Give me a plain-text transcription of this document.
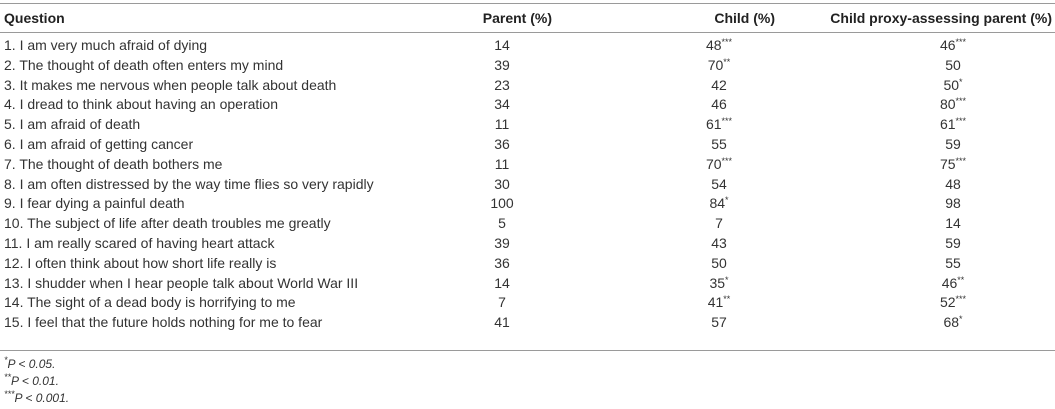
Question	Parent (%)	Child (%)	Child proxy-assessing parent (%)
1. I am very much afraid of dying	14	48***	46***
2. The thought of death often enters my mind	39	70**	50
3. It makes me nervous when people talk about death	23	42	50*
4. I dread to think about having an operation	34	46	80***
5. I am afraid of death	11	61***	61***
6. I am afraid of getting cancer	36	55	59
7. The thought of death bothers me	11	70***	75***
8. I am often distressed by the way time flies so very rapidly	30	54	48
9. I fear dying a painful death	100	84*	98
10. The subject of life after death troubles me greatly	5	7	14
11. I am really scared of having heart attack	39	43	59
12. I often think about how short life really is	36	50	55
13. I shudder when I hear people talk about World War III	14	35*	46**
14. The sight of a dead body is horrifying to me	7	41**	52***
15. I feel that the future holds nothing for me to fear	41	57	68*
*P < 0.05.
**P < 0.01.
***P < 0.001.
